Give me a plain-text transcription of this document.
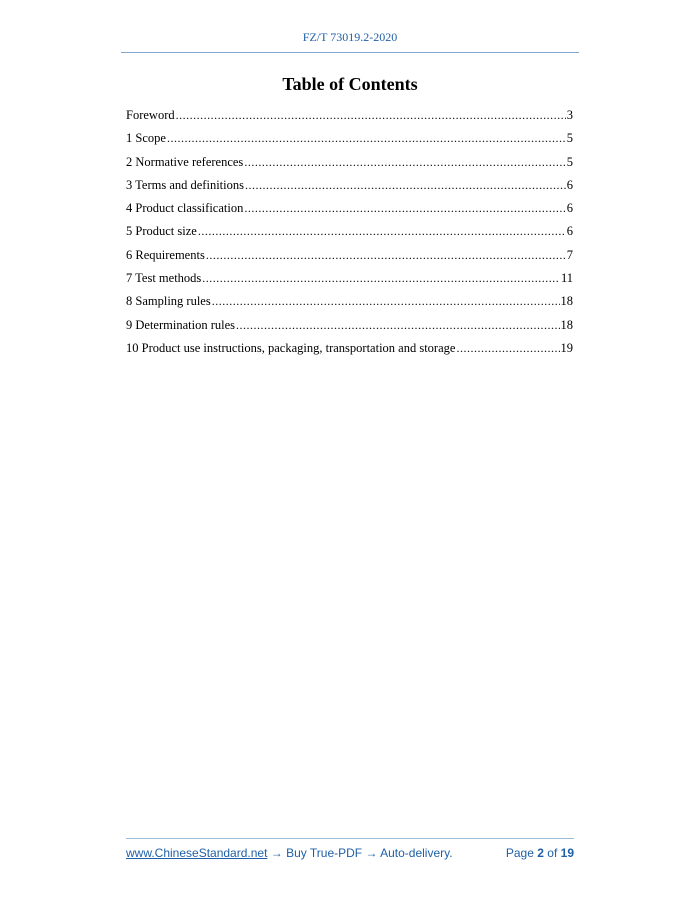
FZ/T 73019.2-2020
Table of Contents
Foreword .....	3
1 Scope .....	5
2 Normative references .....	5
3 Terms and definitions .....	6
4 Product classification .....	6
5 Product size .....	6
6 Requirements .....	7
7 Test methods .....	11
8 Sampling rules .....	18
9 Determination rules .....	18
10 Product use instructions, packaging, transportation and storage .....	19
www.ChineseStandard.net → Buy True-PDF → Auto-delivery.	Page 2 of 19
